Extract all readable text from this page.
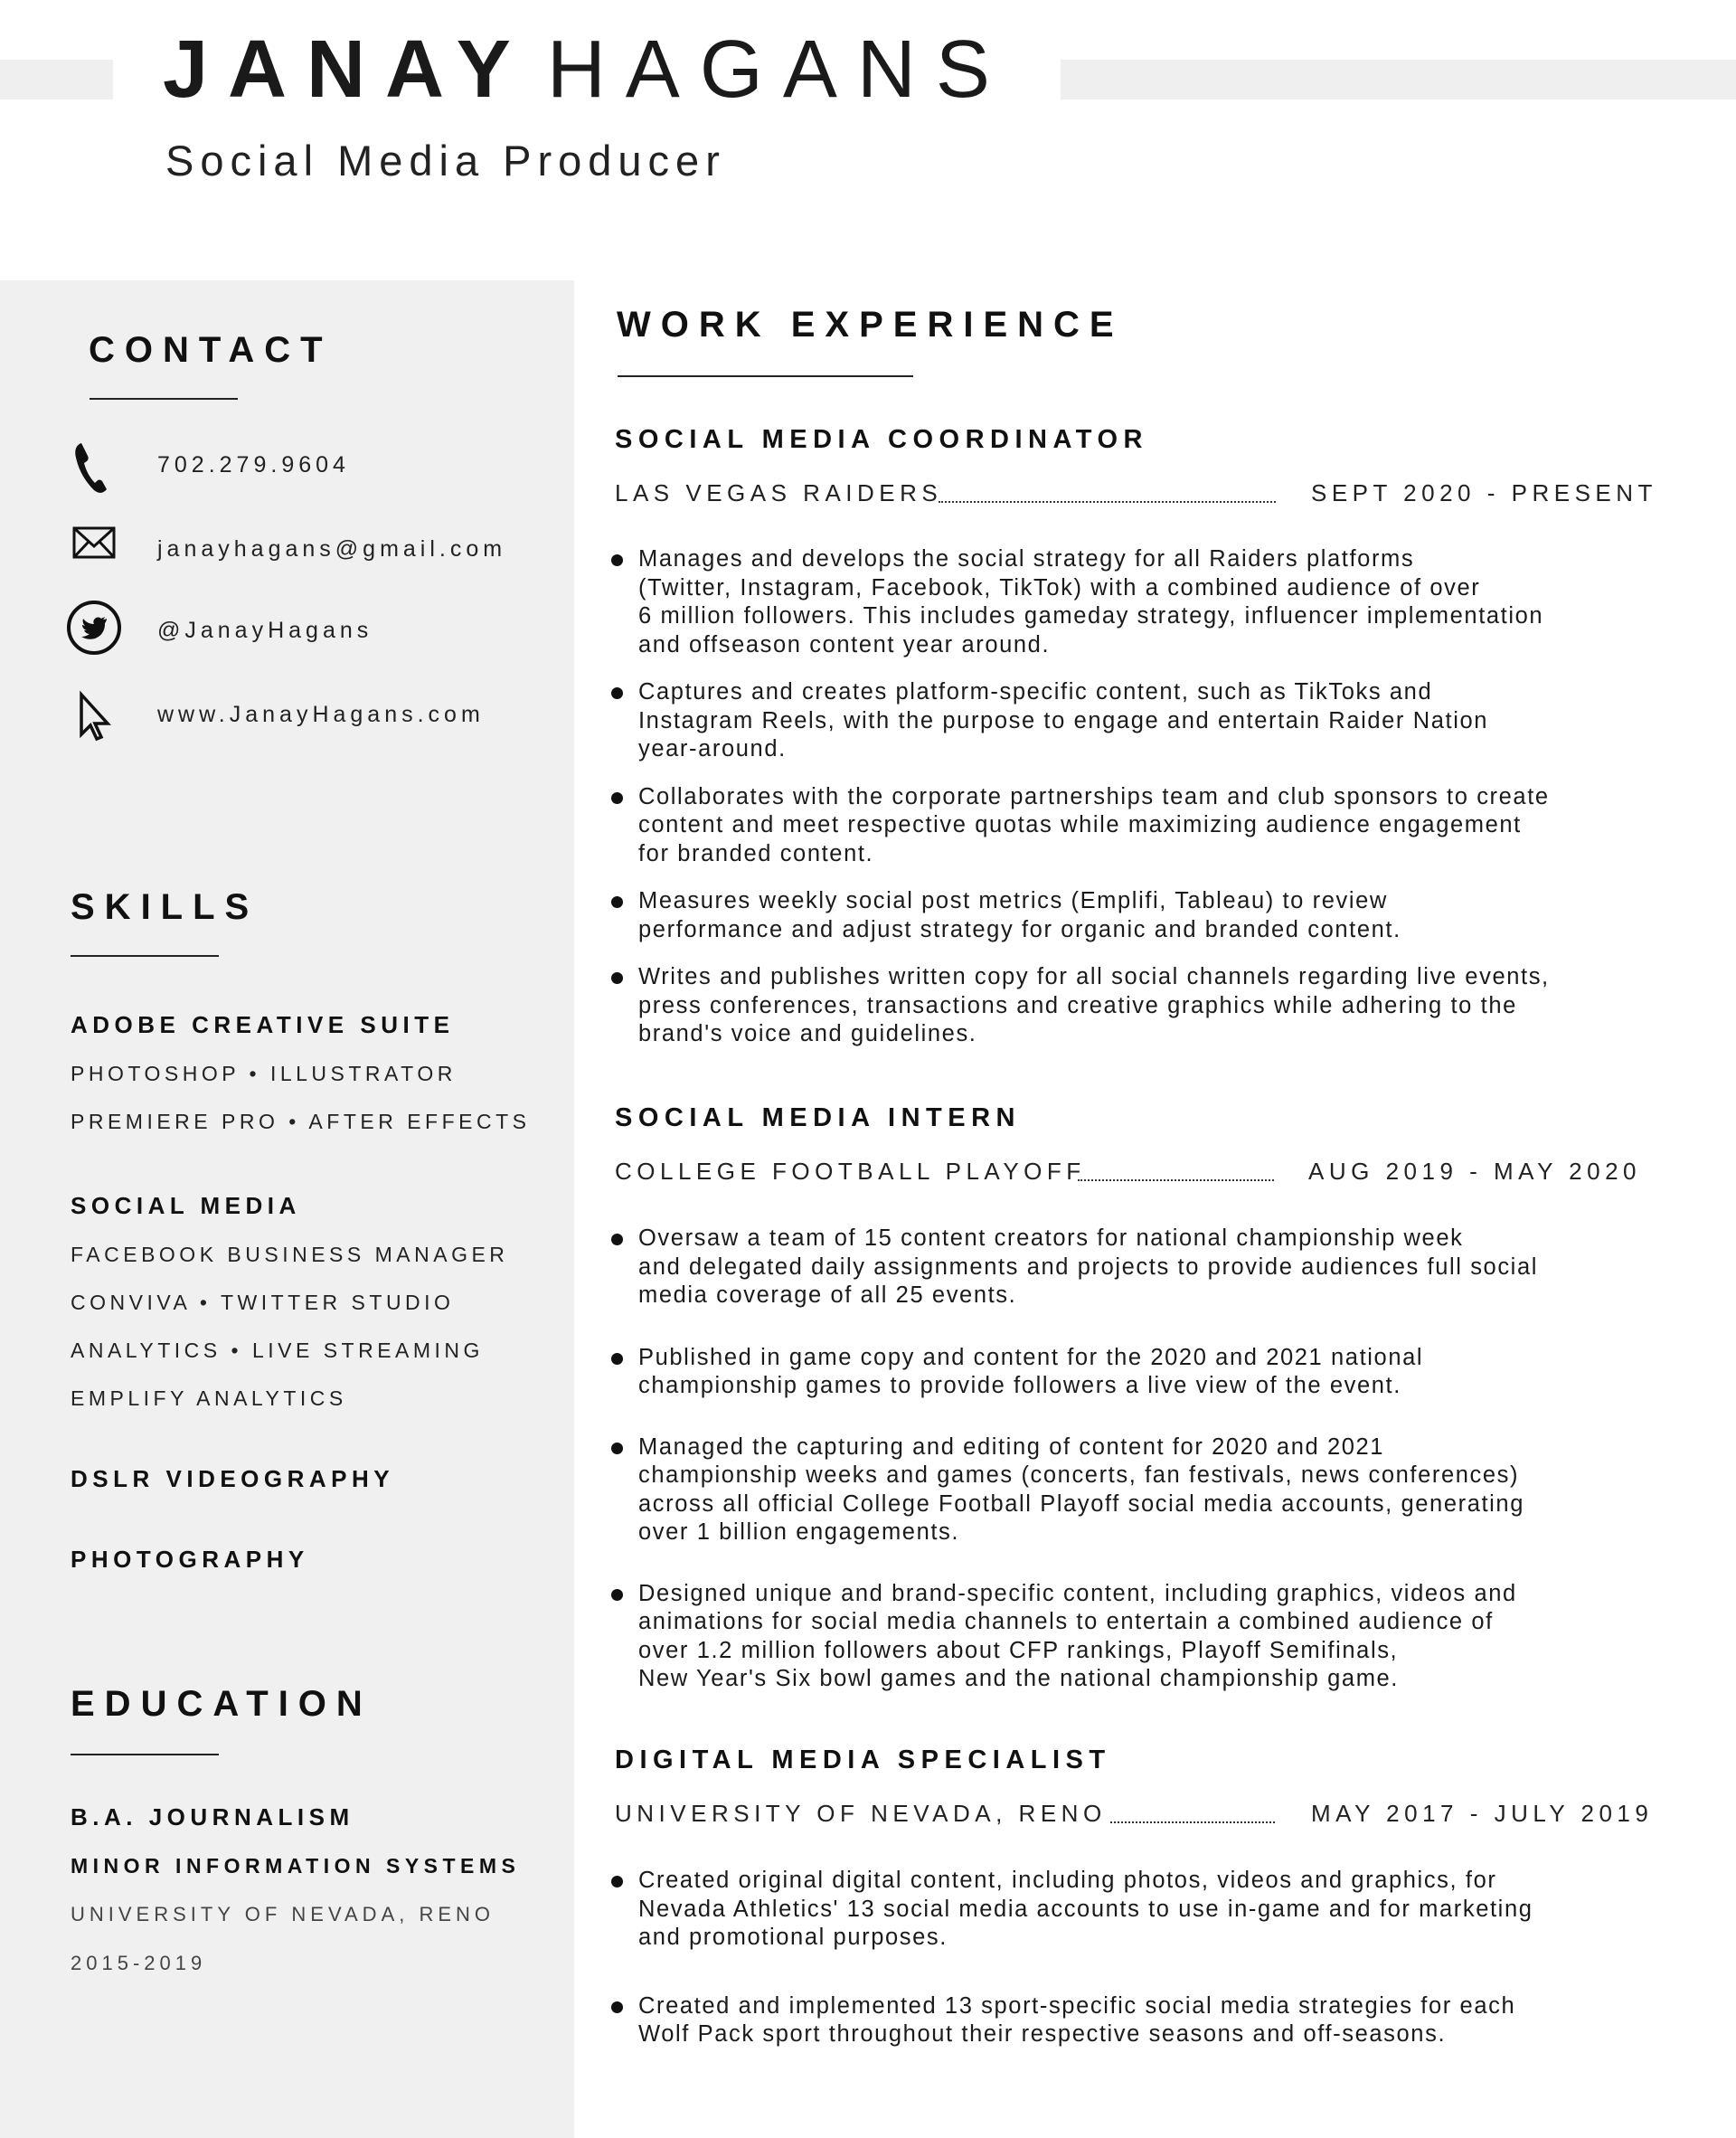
JANAY HAGANS
Social Media Producer
CONTACT
702.279.9604
janayhagans@gmail.com
@JanayHagans
www.JanayHagans.com
SKILLS
ADOBE CREATIVE SUITE
PHOTOSHOP • ILLUSTRATOR
PREMIERE PRO • AFTER EFFECTS
SOCIAL MEDIA
FACEBOOK BUSINESS MANAGER
CONVIVA • TWITTER STUDIO
ANALYTICS • LIVE STREAMING
EMPLIFY ANALYTICS
DSLR VIDEOGRAPHY
PHOTOGRAPHY
EDUCATION
B.A. JOURNALISM
MINOR INFORMATION SYSTEMS
UNIVERSITY OF NEVADA, RENO
2015-2019
WORK EXPERIENCE
SOCIAL MEDIA COORDINATOR
LAS VEGAS RAIDERS	SEPT 2020 - PRESENT
Manages and develops the social strategy for all Raiders platforms
(Twitter, Instagram, Facebook, TikTok) with a combined audience of over
6 million followers. This includes gameday strategy, influencer implementation
and offseason content year around.
Captures and creates platform-specific content, such as TikToks and
Instagram Reels, with the purpose to engage and entertain Raider Nation
year-around.
Collaborates with the corporate partnerships team and club sponsors to create
content and meet respective quotas while maximizing audience engagement
for branded content.
Measures weekly social post metrics (Emplifi, Tableau) to review
performance and adjust strategy for organic and branded content.
Writes and publishes written copy for all social channels regarding live events,
press conferences, transactions and creative graphics while adhering to the
brand's voice and guidelines.
SOCIAL MEDIA INTERN
COLLEGE FOOTBALL PLAYOFF	AUG 2019 - MAY 2020
Oversaw a team of 15 content creators for national championship week
and delegated daily assignments and projects to provide audiences full social
media coverage of all 25 events.
Published in game copy and content for the 2020 and 2021 national
championship games to provide followers a live view of the event.
Managed the capturing and editing of content for 2020 and 2021
championship weeks and games (concerts, fan festivals, news conferences)
across all official College Football Playoff social media accounts, generating
over 1 billion engagements.
Designed unique and brand-specific content, including graphics, videos and
animations for social media channels to entertain a combined audience of
over 1.2 million followers about CFP rankings, Playoff Semifinals,
New Year's Six bowl games and the national championship game.
DIGITAL MEDIA SPECIALIST
UNIVERSITY OF NEVADA, RENO	MAY 2017 - JULY 2019
Created original digital content, including photos, videos and graphics, for
Nevada Athletics' 13 social media accounts to use in-game and for marketing
and promotional purposes.
Created and implemented 13 sport-specific social media strategies for each
Wolf Pack sport throughout their respective seasons and off-seasons.
